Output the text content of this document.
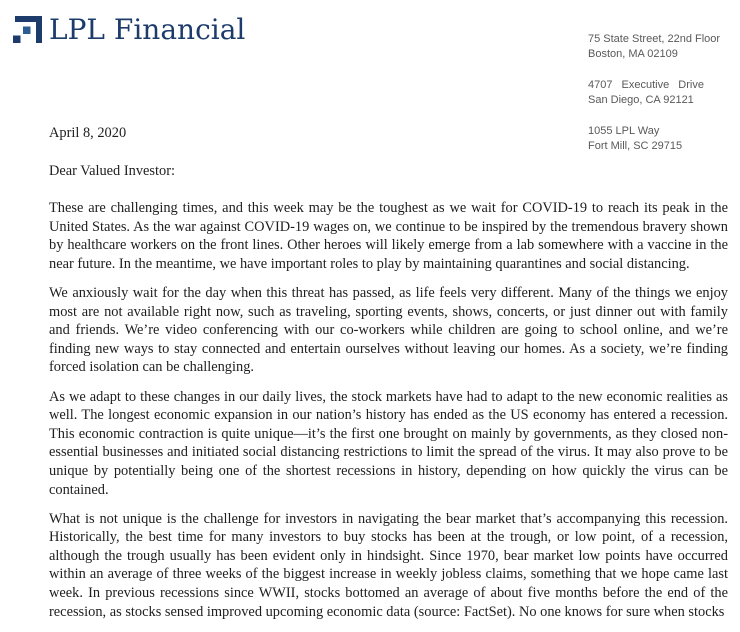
LPL Financial	75 State Street, 22nd Floor
Boston, MA 02109
4707 Executive Drive
San Diego, CA 92121
1055 LPL Way
Fort Mill, SC 29715
April 8, 2020
Dear Valued Investor:

These are challenging times, and this week may be the toughest as we wait for COVID-19 to reach its peak in the United States. As the war against COVID-19 wages on, we continue to be inspired by the tremendous bravery shown by healthcare workers on the front lines. Other heroes will likely emerge from a lab somewhere with a vaccine in the near future. In the meantime, we have important roles to play by maintaining quarantines and social distancing.

We anxiously wait for the day when this threat has passed, as life feels very different. Many of the things we enjoy most are not available right now, such as traveling, sporting events, shows, concerts, or just dinner out with family and friends. We’re video conferencing with our co-workers while children are going to school online, and we’re finding new ways to stay connected and entertain ourselves without leaving our homes. As a society, we’re finding forced isolation can be challenging.

As we adapt to these changes in our daily lives, the stock markets have had to adapt to the new economic realities as well. The longest economic expansion in our nation’s history has ended as the US economy has entered a recession. This economic contraction is quite unique—it’s the first one brought on mainly by governments, as they closed non-essential businesses and initiated social distancing restrictions to limit the spread of the virus. It may also prove to be unique by potentially being one of the shortest recessions in history, depending on how quickly the virus can be contained.

What is not unique is the challenge for investors in navigating the bear market that’s accompanying this recession. Historically, the best time for many investors to buy stocks has been at the trough, or low point, of a recession, although the trough usually has been evident only in hindsight. Since 1970, bear market low points have occurred within an average of three weeks of the biggest increase in weekly jobless claims, something that we hope came last week. In previous recessions since WWII, stocks bottomed an average of about five months before the end of the recession, as stocks sensed improved upcoming economic data (source: FactSet). No one knows for sure when stocks
